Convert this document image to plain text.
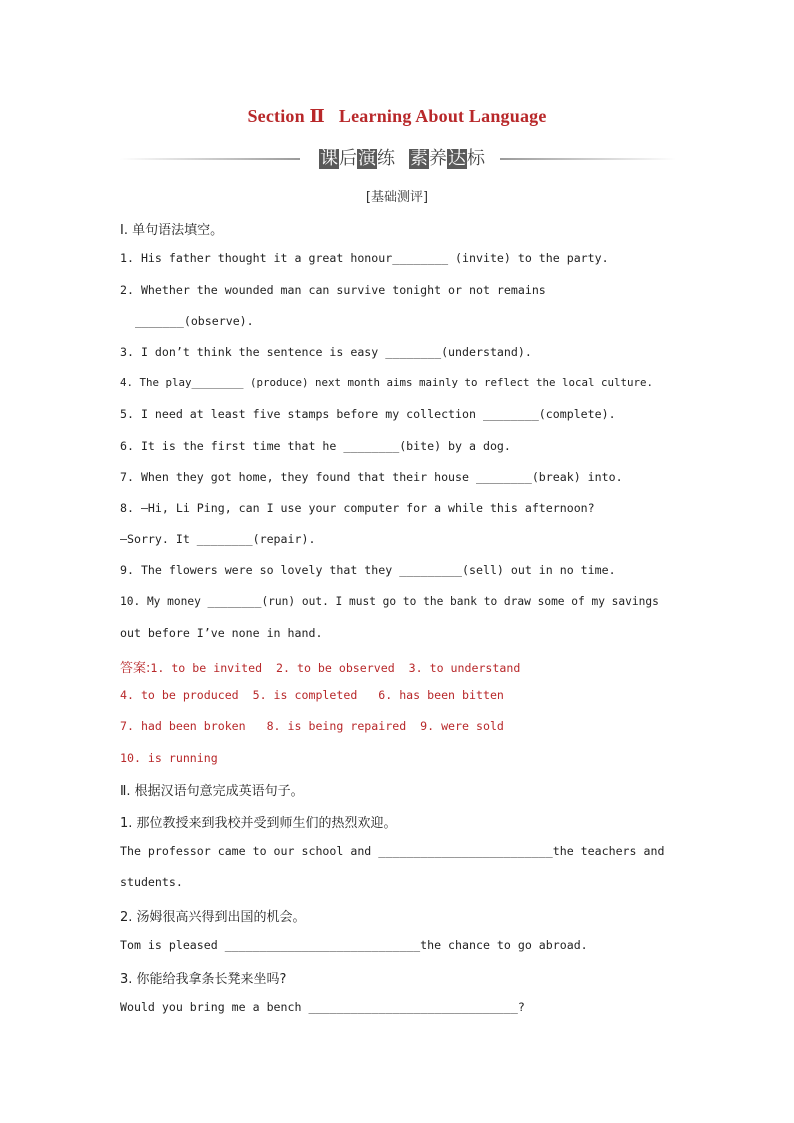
Section Ⅱ Learning About Language
课后演练 素养达标
[基础测评]
Ⅰ. 单句语法填空。
1. His father thought it a great honour________ (invite) to the party.
2. Whether the wounded man can survive tonight or not remains
_______(observe).
3. I don’t think the sentence is easy ________(understand).
4. The play________ (produce) next month aims mainly to reflect the local culture.
5. I need at least five stamps before my collection ________(complete).
6. It is the first time that he ________(bite) by a dog.
7. When they got home, they found that their house ________(break) into.
8. —Hi, Li Ping, can I use your computer for a while this afternoon?
—Sorry. It ________(repair).
9. The flowers were so lovely that they _________(sell) out in no time.
10. My money ________(run) out. I must go to the bank to draw some of my savings
out before I’ve none in hand.
答案:1. to be invited  2. to be observed  3. to understand
4. to be produced  5. is completed   6. has been bitten
7. had been broken   8. is being repaired  9. were sold
10. is running
Ⅱ. 根据汉语句意完成英语句子。
1. 那位教授来到我校并受到师生们的热烈欢迎。
The professor came to our school and _________________________the teachers and
students.
2. 汤姆很高兴得到出国的机会。
Tom is pleased ____________________________the chance to go abroad.
3. 你能给我拿条长凳来坐吗?
Would you bring me a bench ______________________________?
